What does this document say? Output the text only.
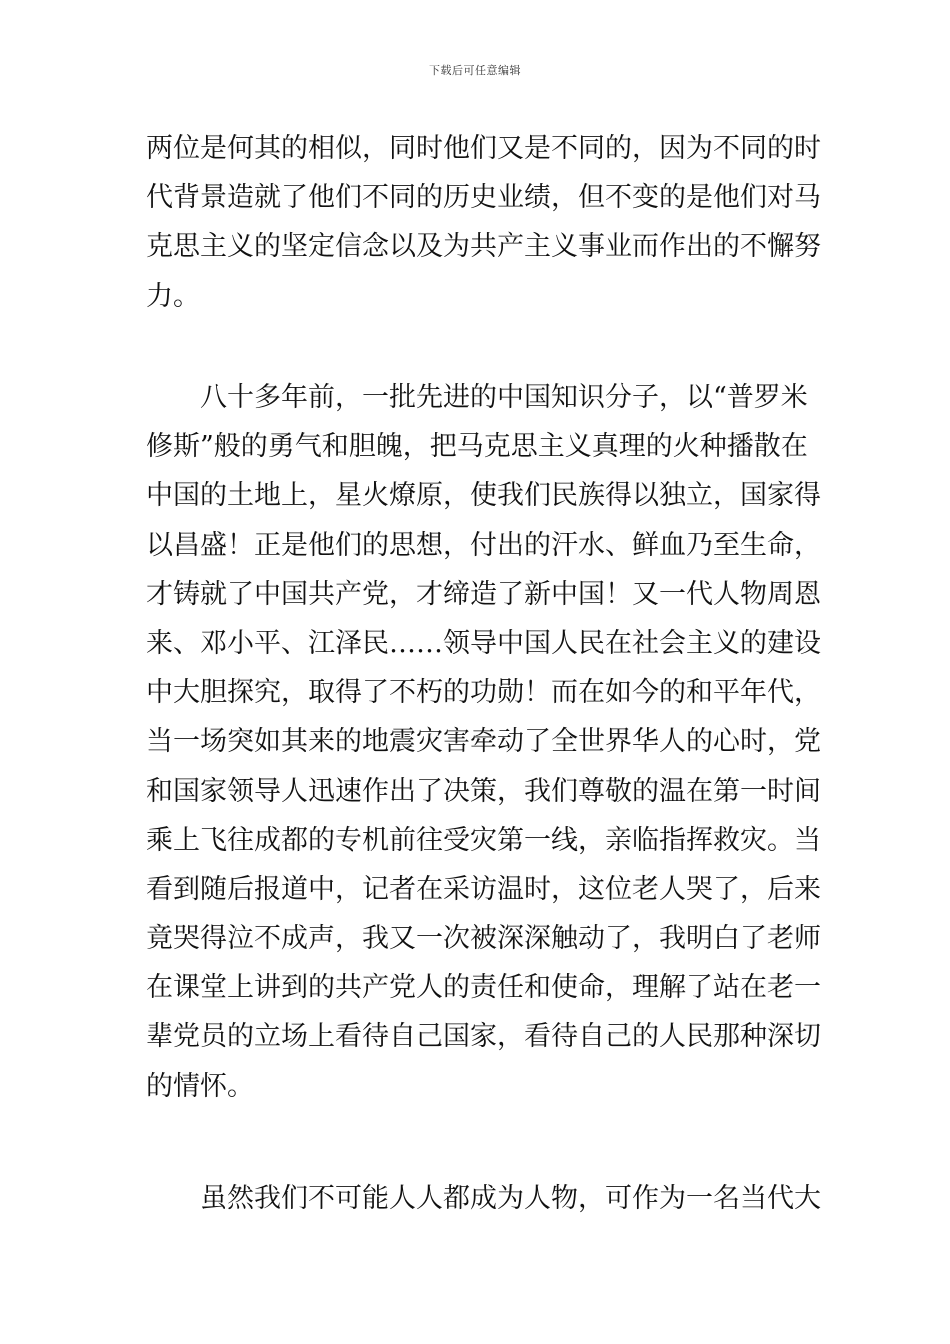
下载后可任意编辑
两位是何其的相似，同时他们又是不同的，因为不同的时
代背景造就了他们不同的历史业绩，但不变的是他们对马
克思主义的坚定信念以及为共产主义事业而作出的不懈努
力。
　　八十多年前，一批先进的中国知识分子，以“普罗米
修斯”般的勇气和胆魄，把马克思主义真理的火种播散在
中国的土地上，星火燎原，使我们民族得以独立，国家得
以昌盛！正是他们的思想，付出的汗水、鲜血乃至生命，
才铸就了中国共产党，才缔造了新中国！又一代人物周恩
来、邓小平、江泽民……领导中国人民在社会主义的建设
中大胆探究，取得了不朽的功勋！而在如今的和平年代，
当一场突如其来的地震灾害牵动了全世界华人的心时，党
和国家领导人迅速作出了决策，我们尊敬的温在第一时间
乘上飞往成都的专机前往受灾第一线，亲临指挥救灾。当
看到随后报道中，记者在采访温时，这位老人哭了，后来
竟哭得泣不成声，我又一次被深深触动了，我明白了老师
在课堂上讲到的共产党人的责任和使命，理解了站在老一
辈党员的立场上看待自己国家，看待自己的人民那种深切
的情怀。
　　虽然我们不可能人人都成为人物，可作为一名当代大
